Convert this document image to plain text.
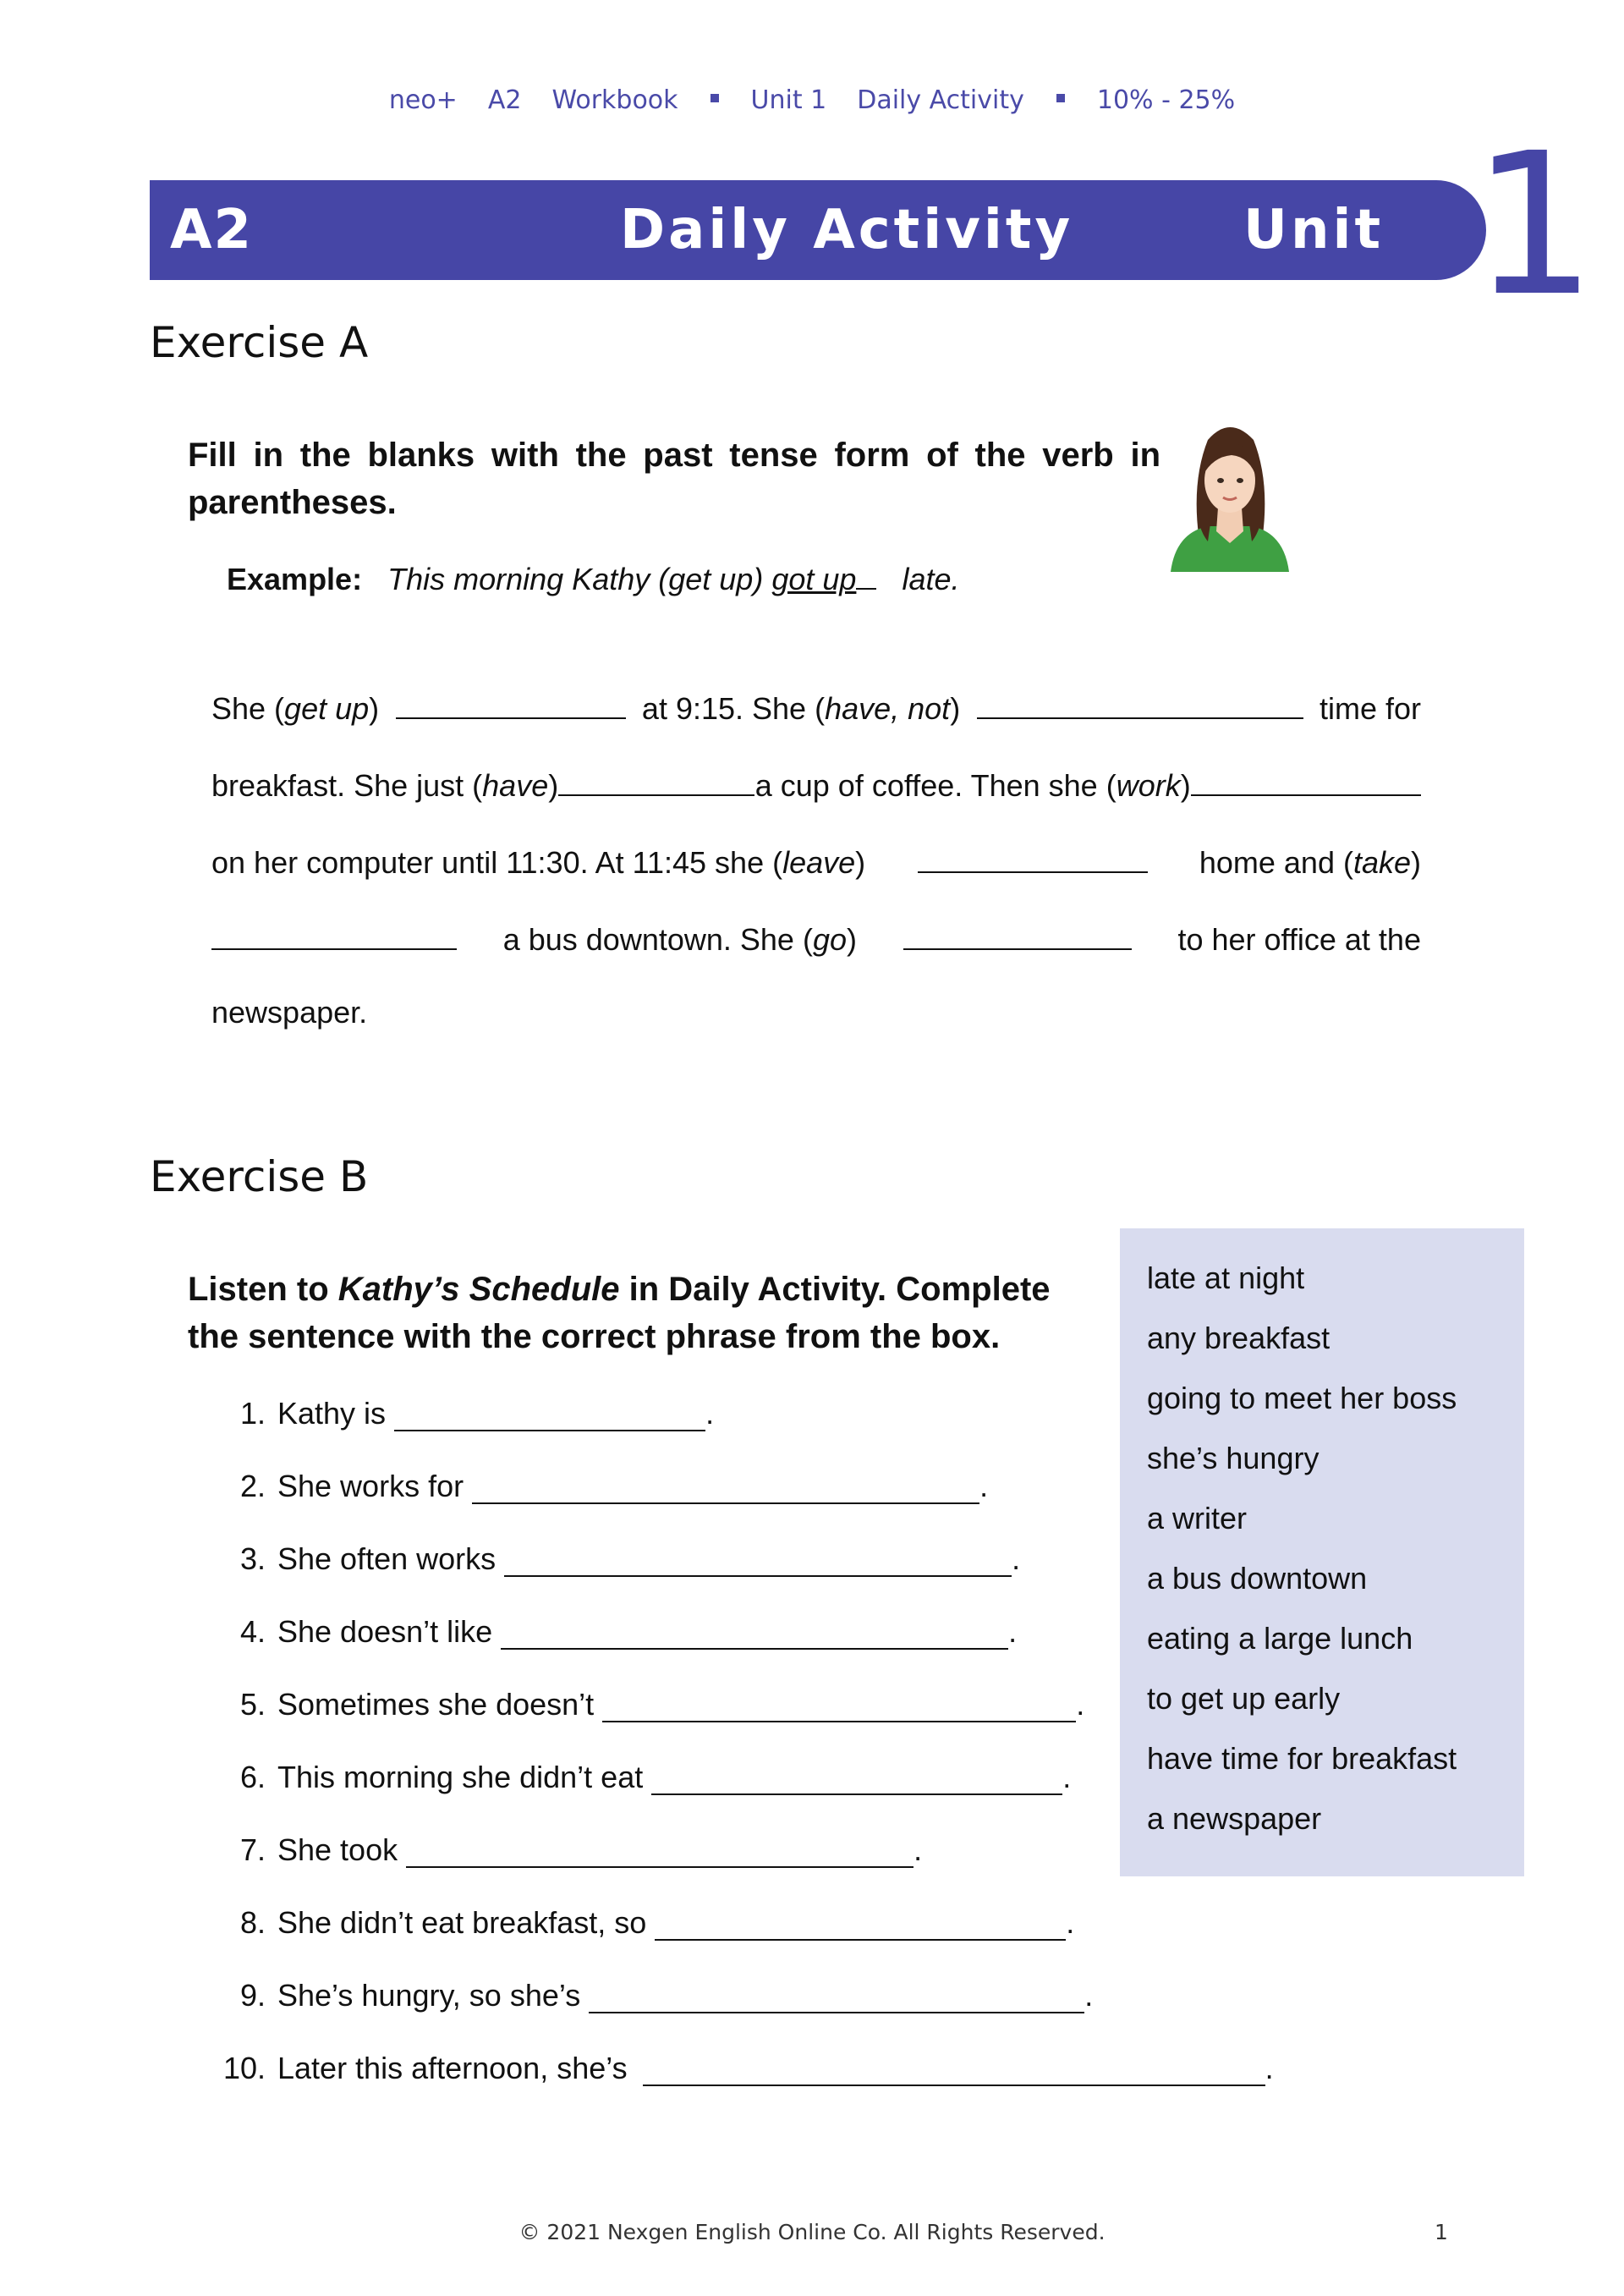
neo+ A2 Workbook	Unit 1 Daily Activity	10% - 25%
A2	Daily Activity	Unit 1
Exercise A
Fill in the blanks with the past tense form of the verb in parentheses.
Example: This morning Kathy (get up) got up late.
She (get up)	at 9:15. She (have, not)	time for
breakfast. She just (have)	a cup of coffee. Then she (work)
on her computer until 11:30. At 11:45 she (leave)	home and (take)
a bus downtown. She (go)	to her office at the
newspaper.
Exercise B
Listen to Kathy’s Schedule in Daily Activity. Complete the sentence with the correct phrase from the box.
late at night
any breakfast
going to meet her boss
she’s hungry
a writer
a bus downtown
eating a large lunch
to get up early
have time for breakfast
a newspaper
1. Kathy is	.
2. She works for	.
3. She often works	.
4. She doesn’t like	.
5. Sometimes she doesn’t	.
6. This morning she didn’t eat	.
7. She took	.
8. She didn’t eat breakfast, so	.
9. She’s hungry, so she’s	.
10. Later this afternoon, she’s	.
© 2021 Nexgen English Online Co. All Rights Reserved.	1
